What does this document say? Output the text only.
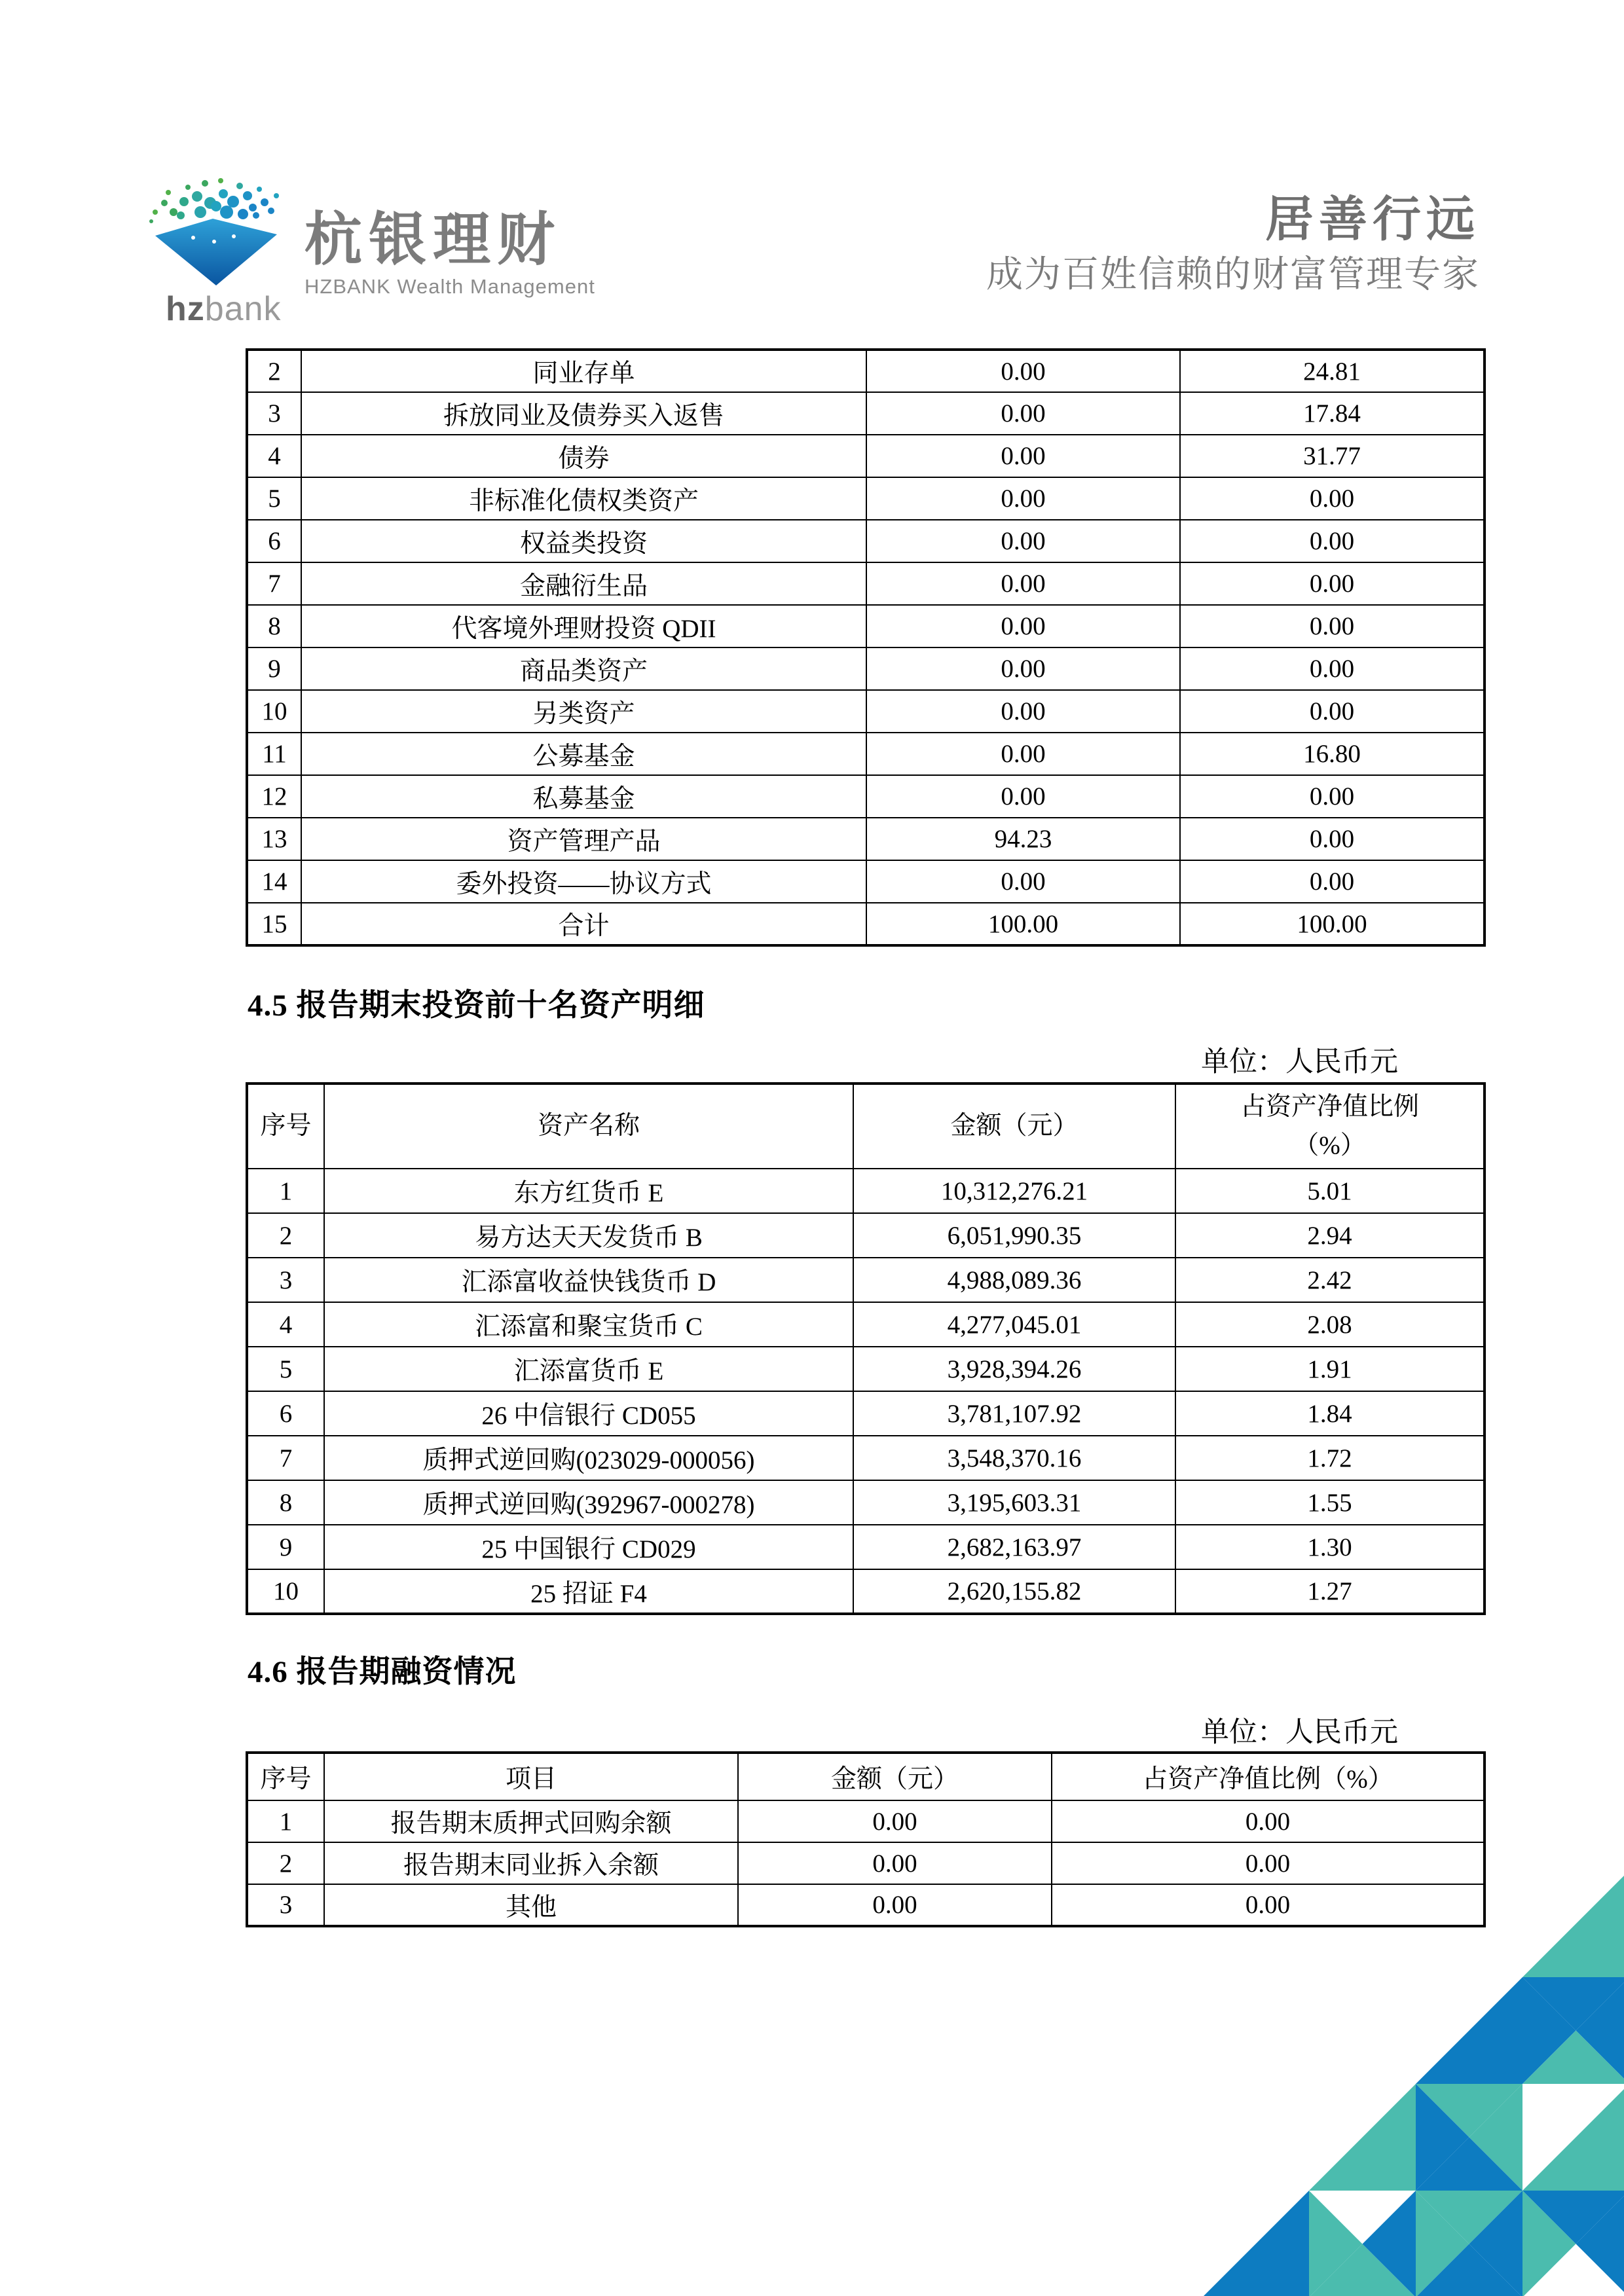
hzbank
杭银理财
HZBANK Wealth Management
居善行远
成为百姓信赖的财富管理专家
2	同业存单	0.00	24.81
3	拆放同业及债券买入返售	0.00	17.84
4	债券	0.00	31.77
5	非标准化债权类资产	0.00	0.00
6	权益类投资	0.00	0.00
7	金融衍生品	0.00	0.00
8	代客境外理财投资 QDII	0.00	0.00
9	商品类资产	0.00	0.00
10	另类资产	0.00	0.00
11	公募基金	0.00	16.80
12	私募基金	0.00	0.00
13	资产管理产品	94.23	0.00
14	委外投资——协议方式	0.00	0.00
15	合计	100.00	100.00
4.5 报告期末投资前十名资产明细
单位：人民币元
序号	资产名称	金额（元）	占资产净值比例
（%）

1	东方红货币 E	10,312,276.21	5.01
2	易方达天天发货币 B	6,051,990.35	2.94
3	汇添富收益快钱货币 D	4,988,089.36	2.42
4	汇添富和聚宝货币 C	4,277,045.01	2.08
5	汇添富货币 E	3,928,394.26	1.91
6	26 中信银行 CD055	3,781,107.92	1.84
7	质押式逆回购(023029-000056)	3,548,370.16	1.72
8	质押式逆回购(392967-000278)	3,195,603.31	1.55
9	25 中国银行 CD029	2,682,163.97	1.30
10	25 招证 F4	2,620,155.82	1.27
4.6 报告期融资情况
单位：人民币元
序号	项目	金额（元）	占资产净值比例（%）
1	报告期末质押式回购余额	0.00	0.00
2	报告期末同业拆入余额	0.00	0.00
3	其他	0.00	0.00
